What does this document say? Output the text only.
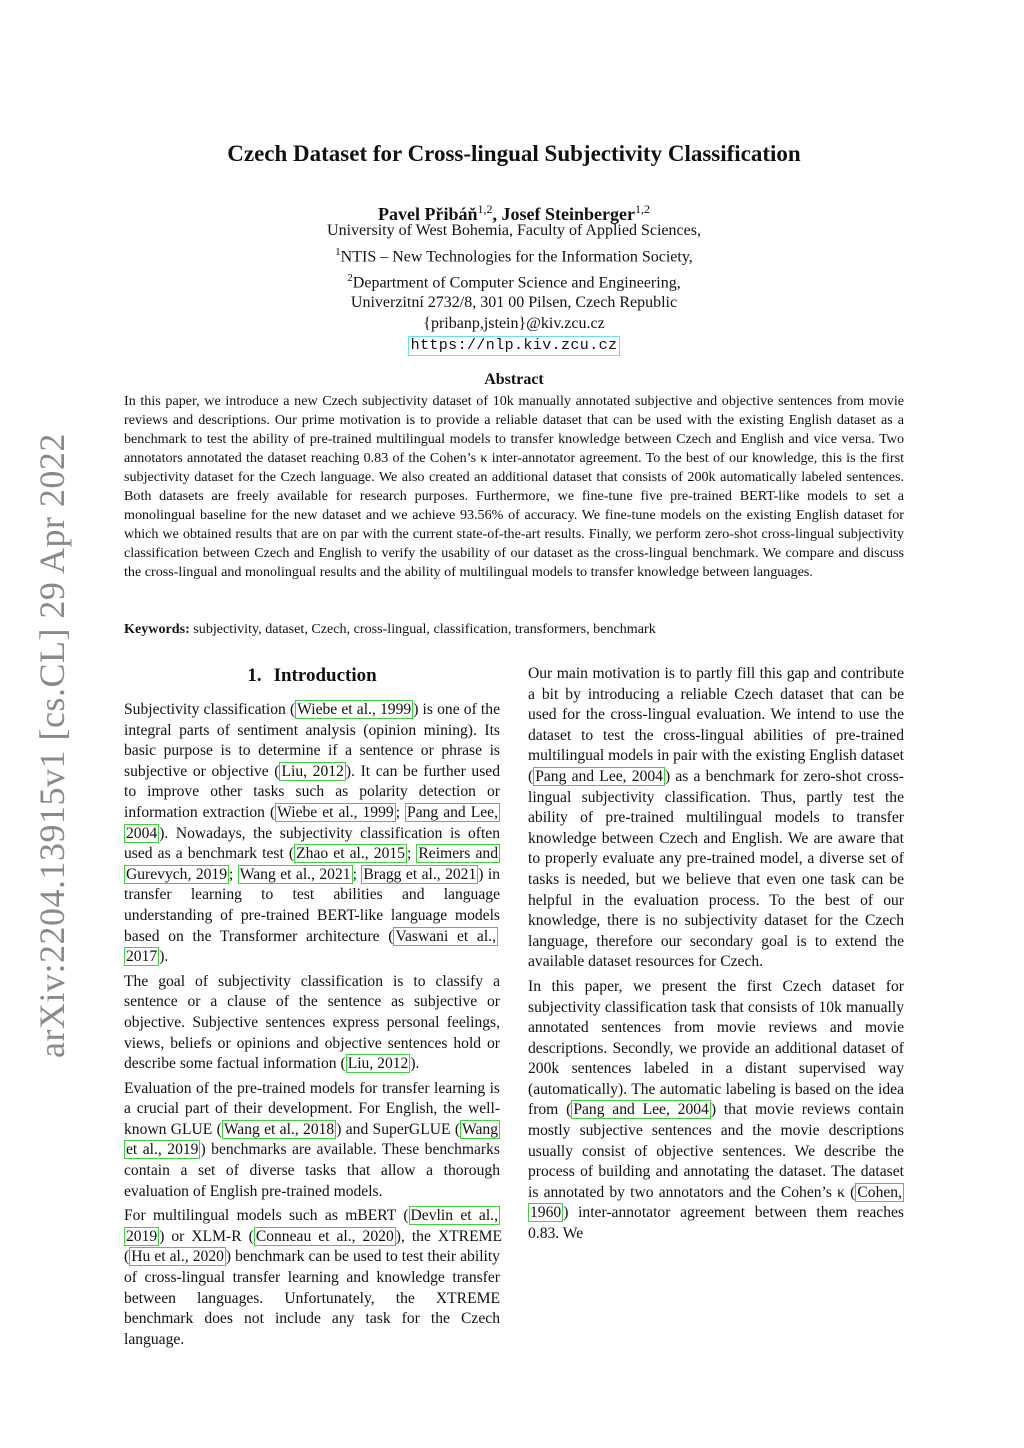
arXiv:2204.13915v1 [cs.CL] 29 Apr 2022
Czech Dataset for Cross-lingual Subjectivity Classification
Pavel Přibáň$^{1,2}$, Josef Steinberger$^{1,2}$
University of West Bohemia, Faculty of Applied Sciences,
$^1$NTIS – New Technologies for the Information Society,
$^2$Department of Computer Science and Engineering,
Univerzitní 2732/8, 301 00 Pilsen, Czech Republic
{pribanp,jstein}@kiv.zcu.cz
https://nlp.kiv.zcu.cz
Abstract

In this paper, we introduce a new Czech subjectivity dataset of 10k manually annotated subjective and objective sentences from movie reviews and descriptions. Our prime motivation is to provide a reliable dataset that can be used with the existing English dataset as a benchmark to test the ability of pre-trained multilingual models to transfer knowledge between Czech and English and vice versa. Two annotators annotated the dataset reaching 0.83 of the Cohen’s κ inter-annotator agreement. To the best of our knowledge, this is the first subjectivity dataset for the Czech language. We also created an additional dataset that consists of 200k automatically labeled sentences. Both datasets are freely available for research purposes. Furthermore, we fine-tune five pre-trained BERT-like models to set a monolingual baseline for the new dataset and we achieve 93.56% of accuracy. We fine-tune models on the existing English dataset for which we obtained results that are on par with the current state-of-the-art results. Finally, we perform zero-shot cross-lingual subjectivity classification between Czech and English to verify the usability of our dataset as the cross-lingual benchmark. We compare and discuss the cross-lingual and monolingual results and the ability of multilingual models to transfer knowledge between languages.

Keywords: subjectivity, dataset, Czech, cross-lingual, classification, transformers, benchmark

1. Introduction

Subjectivity classification ( Wiebe et al., 1999 ) is one of the integral parts of sentiment analysis (opinion mining). Its basic purpose is to determine if a sentence or phrase is subjective or objective ( Liu, 2012 ). It can be further used to improve other tasks such as polarity detection or information extraction ( Wiebe et al., 1999 ; Pang and Lee, 2004 ). Nowadays, the subjectivity classification is often used as a benchmark test ( Zhao et al., 2015 ; Reimers and Gurevych, 2019 ; Wang et al., 2021 ; Bragg et al., 2021 ) in transfer learning to test abilities and language understanding of pre-trained BERT-like language models based on the Transformer architecture ( Vaswani et al., 2017 ).

The goal of subjectivity classification is to classify a sentence or a clause of the sentence as subjective or objective. Subjective sentences express personal feelings, views, beliefs or opinions and objective sentences hold or describe some factual information ( Liu, 2012 ).

Evaluation of the pre-trained models for transfer learning is a crucial part of their development. For English, the well-known GLUE ( Wang et al., 2018 ) and SuperGLUE ( Wang et al., 2019 ) benchmarks are available. These benchmarks contain a set of diverse tasks that allow a thorough evaluation of English pre-trained models.

For multilingual models such as mBERT ( Devlin et al., 2019 ) or XLM-R ( Conneau et al., 2020 ), the XTREME ( Hu et al., 2020 ) benchmark can be used to test their ability of cross-lingual transfer learning and knowledge transfer between languages. Unfortunately, the XTREME benchmark does not include any task for the Czech language.

Our main motivation is to partly fill this gap and contribute a bit by introducing a reliable Czech dataset that can be used for the cross-lingual evaluation. We intend to use the dataset to test the cross-lingual abilities of pre-trained multilingual models in pair with the existing English dataset ( Pang and Lee, 2004 ) as a benchmark for zero-shot cross-lingual subjectivity classification. Thus, partly test the ability of pre-trained multilingual models to transfer knowledge between Czech and English. We are aware that to properly evaluate any pre-trained model, a diverse set of tasks is needed, but we believe that even one task can be helpful in the evaluation process. To the best of our knowledge, there is no subjectivity dataset for the Czech language, therefore our secondary goal is to extend the available dataset resources for Czech.

In this paper, we present the first Czech dataset for subjectivity classification task that consists of 10k manually annotated sentences from movie reviews and movie descriptions. Secondly, we provide an additional dataset of 200k sentences labeled in a distant supervised way (automatically). The automatic labeling is based on the idea from ( Pang and Lee, 2004 ) that movie reviews contain mostly subjective sentences and the movie descriptions usually consist of objective sentences. We describe the process of building and annotating the dataset. The dataset is annotated by two annotators and the Cohen’s κ ( Cohen, 1960 ) inter-annotator agreement between them reaches 0.83. We
